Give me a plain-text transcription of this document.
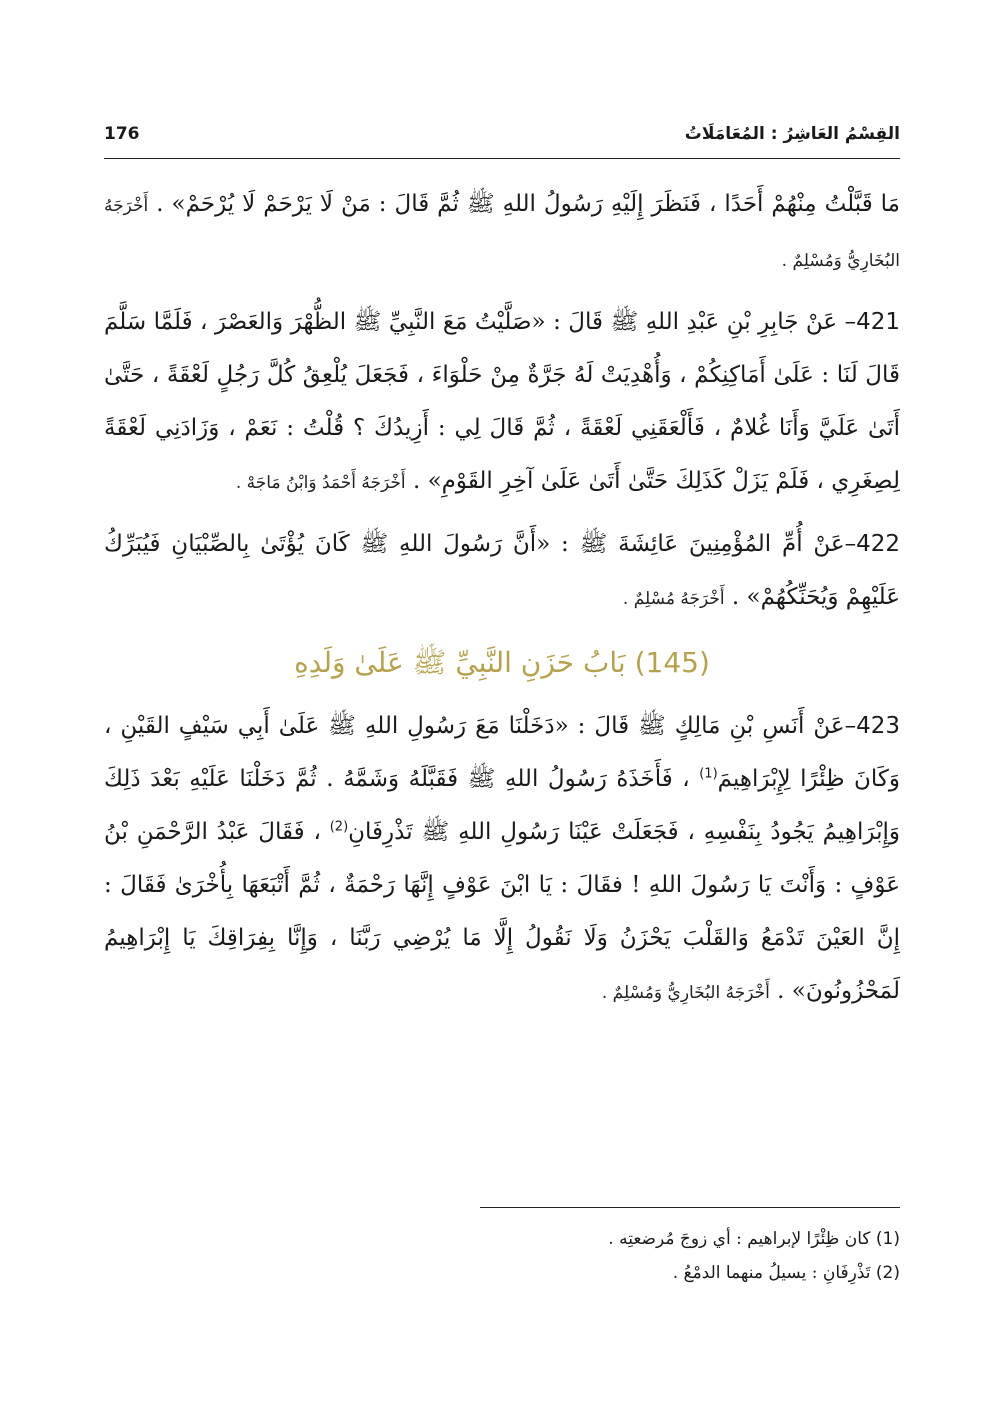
القِسْمُ العَاشِرُ : المُعَامَلَاتُ
176

مَا قَبَّلْتُ مِنْهُمْ أَحَدًا ، فَنَظَرَ إِلَيْهِ رَسُولُ اللهِ ﷺ ثُمَّ قَالَ : مَنْ لَا يَرْحَمْ لَا يُرْحَمْ» . أَخْرَجَهُ البُخَارِيُّ وَمُسْلِمٌ .

421– عَنْ جَابِرِ بْنِ عَبْدِ اللهِ ﷺ قَالَ : «صَلَّيْتُ مَعَ النَّبِيِّ ﷺ الظُّهْرَ وَالعَصْرَ ، فَلَمَّا سَلَّمَ قَالَ لَنَا : عَلَىٰ أَمَاكِنِكُمْ ، وَأُهْدِيَتْ لَهُ جَرَّةٌ مِنْ حَلْوَاءَ ، فَجَعَلَ يُلْعِقُ كُلَّ رَجُلٍ لَعْقَةً ، حَتَّىٰ أَتَىٰ عَلَيَّ وَأَنَا غُلامٌ ، فَأَلْعَقَنِي لَعْقَةً ، ثُمَّ قَالَ لِي : أَزِيدُكَ ؟ قُلْتُ : نَعَمْ ، وَزَادَنِي لَعْقَةً لِصِغَرِي ، فَلَمْ يَزَلْ كَذَلِكَ حَتَّىٰ أَتَىٰ عَلَىٰ آخِرِ القَوْمِ» . أَخْرَجَهُ أَحْمَدُ وَابْنُ مَاجَهْ .

422–عَنْ أُمِّ المُؤْمِنِينَ عَائِشَةَ ﷺ : «أَنَّ رَسُولَ اللهِ ﷺ كَانَ يُؤْتَىٰ بِالصِّبْيَانِ فَيُبَرِّكُ عَلَيْهِمْ وَيُحَنِّكُهُمْ» . أَخْرَجَهُ مُسْلِمٌ .

(145) بَابُ حَزَنِ النَّبِيِّ ﷺ عَلَىٰ وَلَدِهِ

423–عَنْ أَنَسِ بْنِ مَالِكٍ ﷺ قَالَ : «دَخَلْنَا مَعَ رَسُولِ اللهِ ﷺ عَلَىٰ أَبِي سَيْفٍ القَيْنِ ، وَكَانَ ظِئْرًا لِإِبْرَاهِيمَ$^{(1)}$ ، فَأَخَذَهُ رَسُولُ اللهِ ﷺ فَقَبَّلَهُ وَشَمَّهُ . ثُمَّ دَخَلْنَا عَلَيْهِ بَعْدَ ذَلِكَ وَإِبْرَاهِيمُ يَجُودُ بِنَفْسِهِ ، فَجَعَلَتْ عَيْنَا رَسُولِ اللهِ ﷺ تَذْرِفَانِ$^{(2)}$ ، فَقَالَ عَبْدُ الرَّحْمَنِ بْنُ عَوْفٍ : وَأَنْتَ يَا رَسُولَ اللهِ ! فقَالَ : يَا ابْنَ عَوْفٍ إِنَّهَا رَحْمَةٌ ، ثُمَّ أَتْبَعَهَا بِأُخْرَىٰ فَقَالَ : إِنَّ العَيْنَ تَدْمَعُ وَالقَلْبَ يَحْزَنُ وَلَا نَقُولُ إِلَّا مَا يُرْضِي رَبَّنَا ، وَإِنَّا بِفِرَاقِكَ يَا إِبْرَاهِيمُ لَمَحْزُونُونَ» . أَخْرَجَهُ البُخَارِيُّ وَمُسْلِمٌ .

(1) كان ظِئْرًا لإبراهيم : أي زوجَ مُرضعتِه .

(2) تَذْرِفَانِ : يسيلُ منهما الدمْعُ .
